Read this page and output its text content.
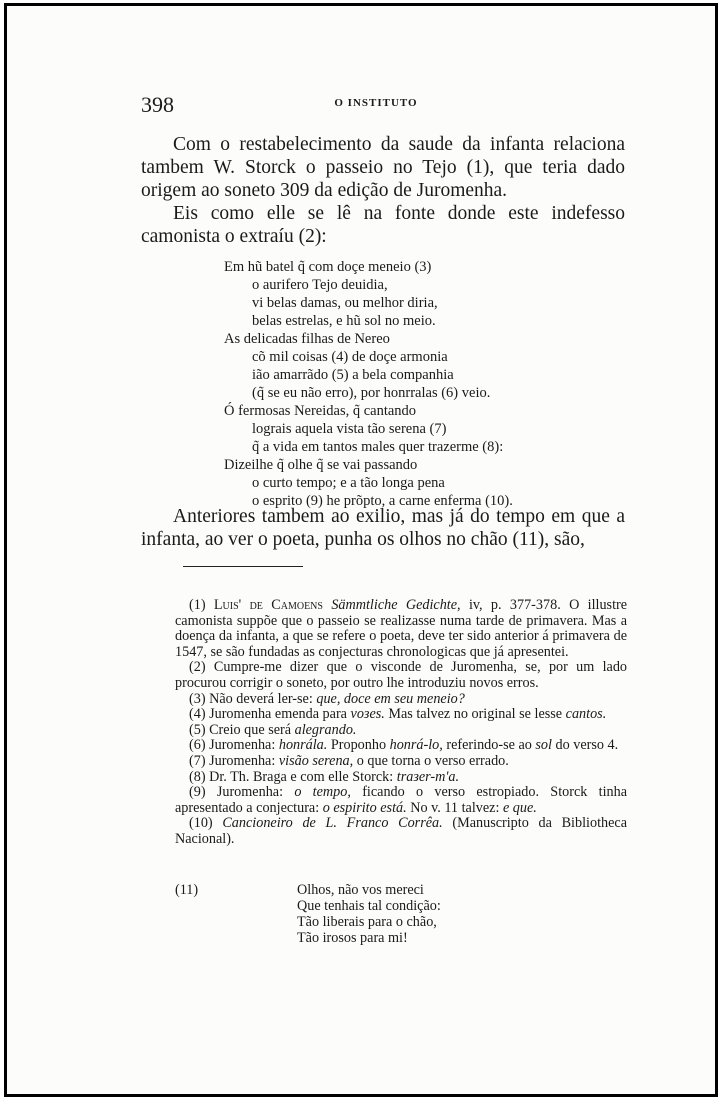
398	O INSTITUTO

Com o restabelecimento da saude da infanta relaciona tambem W. Storck o passeio no Tejo (1), que teria dado origem ao soneto 309 da edição de Juromenha.

Eis como elle se lê na fonte donde este indefesso camonista o extraíu (2):

Em hũ batel q̃ com doçe meneio (3)
o aurifero Tejo deuidia,
vi belas damas, ou melhor diria,
belas estrelas, e hũ sol no meio.
As delicadas filhas de Nereo
cõ mil coisas (4) de doçe armonia
ião amarrãdo (5) a bela companhia
(q̃ se eu não erro), por honrralas (6) veio.
Ó fermosas Nereidas, q̃ cantando
lograis aquela vista tão serena (7)
q̃ a vida em tantos males quer trazerme (8):
Dizeilhe q̃ olhe q̃ se vai passando
o curto tempo; e a tão longa pena
o esprito (9) he prõpto, a carne enferma (10).

Anteriores tambem ao exilio, mas já do tempo em que a infanta, ao ver o poeta, punha os olhos no chão (11), são,

(1) Luis' de Camoens Sämmtliche Gedichte, iv, p. 377-378. O illustre camonista suppõe que o passeio se realizasse numa tarde de primavera. Mas a doença da infanta, a que se refere o poeta, deve ter sido anterior á primavera de 1547, se são fundadas as conjecturas chronologicas que já apresentei.

(2) Cumpre-me dizer que o visconde de Juromenha, se, por um lado procurou corrigir o soneto, por outro lhe introduziu novos erros.

(3) Não deverá ler-se: que, doce em seu meneio?

(4) Juromenha emenda para voзes. Mas talvez no original se lesse cantos.

(5) Creio que será alegrando.

(6) Juromenha: honrála. Proponho honrá-lo, referindo-se ao sol do verso 4.

(7) Juromenha: visão serena, o que torna o verso errado.

(8) Dr. Th. Braga e com elle Storck: traзer-m'a.

(9) Juromenha: o tempo, ficando o verso estropiado. Storck tinha apresentado a conjectura: o espirito está. No v. 11 talvez: e que.

(10) Cancioneiro de L. Franco Corrêa. (Manuscripto da Bibliotheca Nacional).

(11)	Olhos, não vos mereci
Que tenhais tal condição:
Tão liberais para o chão,
Tão irosos para mi!
